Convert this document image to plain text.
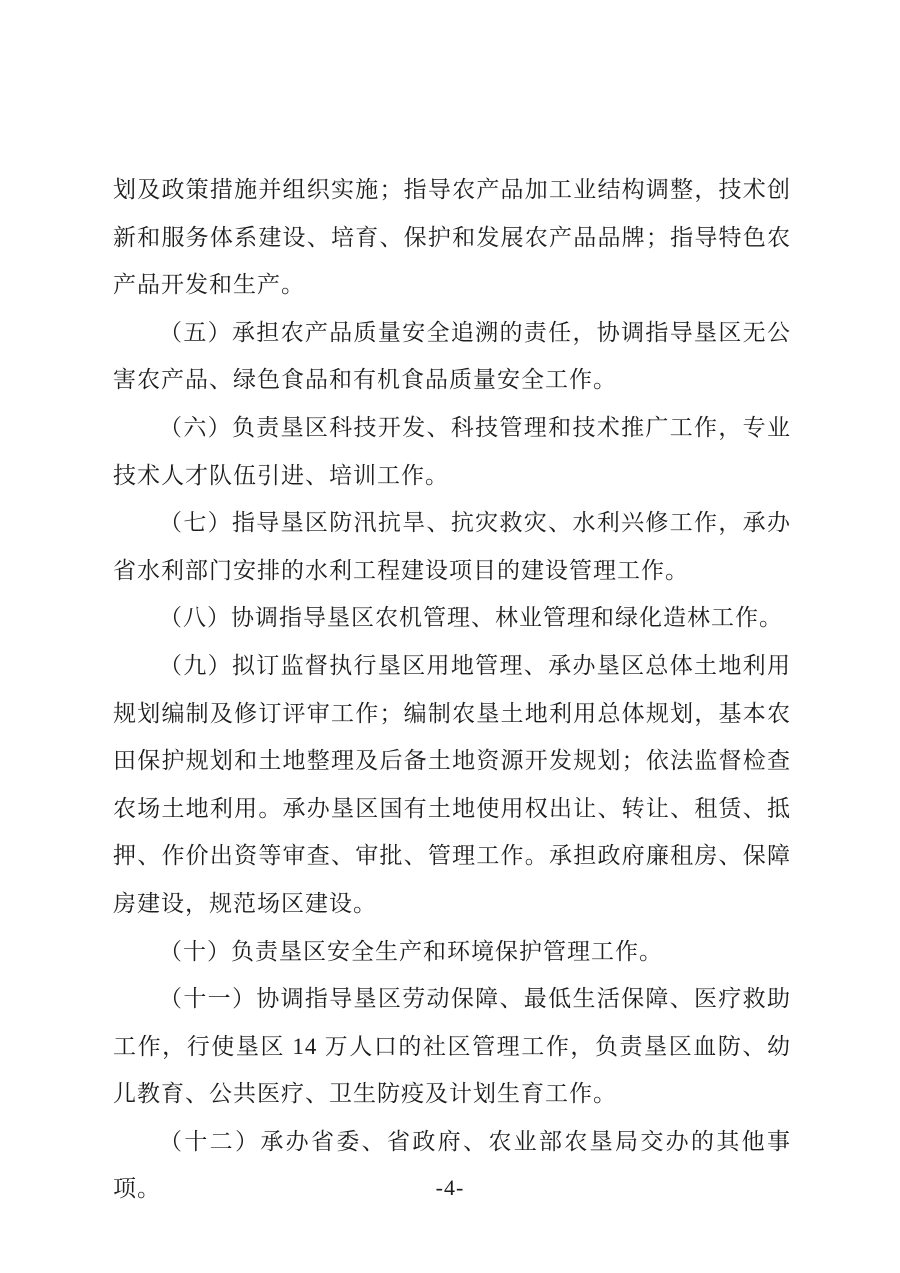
划及政策措施并组织实施；指导农产品加工业结构调整，技术创新和服务体系建设、培育、保护和发展农产品品牌；指导特色农产品开发和生产。

（五）承担农产品质量安全追溯的责任，协调指导垦区无公害农产品、绿色食品和有机食品质量安全工作。

（六）负责垦区科技开发、科技管理和技术推广工作，专业技术人才队伍引进、培训工作。

（七）指导垦区防汛抗旱、抗灾救灾、水利兴修工作，承办省水利部门安排的水利工程建设项目的建设管理工作。

（八）协调指导垦区农机管理、林业管理和绿化造林工作。

（九）拟订监督执行垦区用地管理、承办垦区总体土地利用规划编制及修订评审工作；编制农垦土地利用总体规划，基本农田保护规划和土地整理及后备土地资源开发规划；依法监督检查农场土地利用。承办垦区国有土地使用权出让、转让、租赁、抵押、作价出资等审查、审批、管理工作。承担政府廉租房、保障房建设，规范场区建设。

（十）负责垦区安全生产和环境保护管理工作。

（十一）协调指导垦区劳动保障、最低生活保障、医疗救助工作，行使垦区 14 万人口的社区管理工作，负责垦区血防、幼儿教育、公共医疗、卫生防疫及计划生育工作。

（十二）承办省委、省政府、农业部农垦局交办的其他事项。	-4-
